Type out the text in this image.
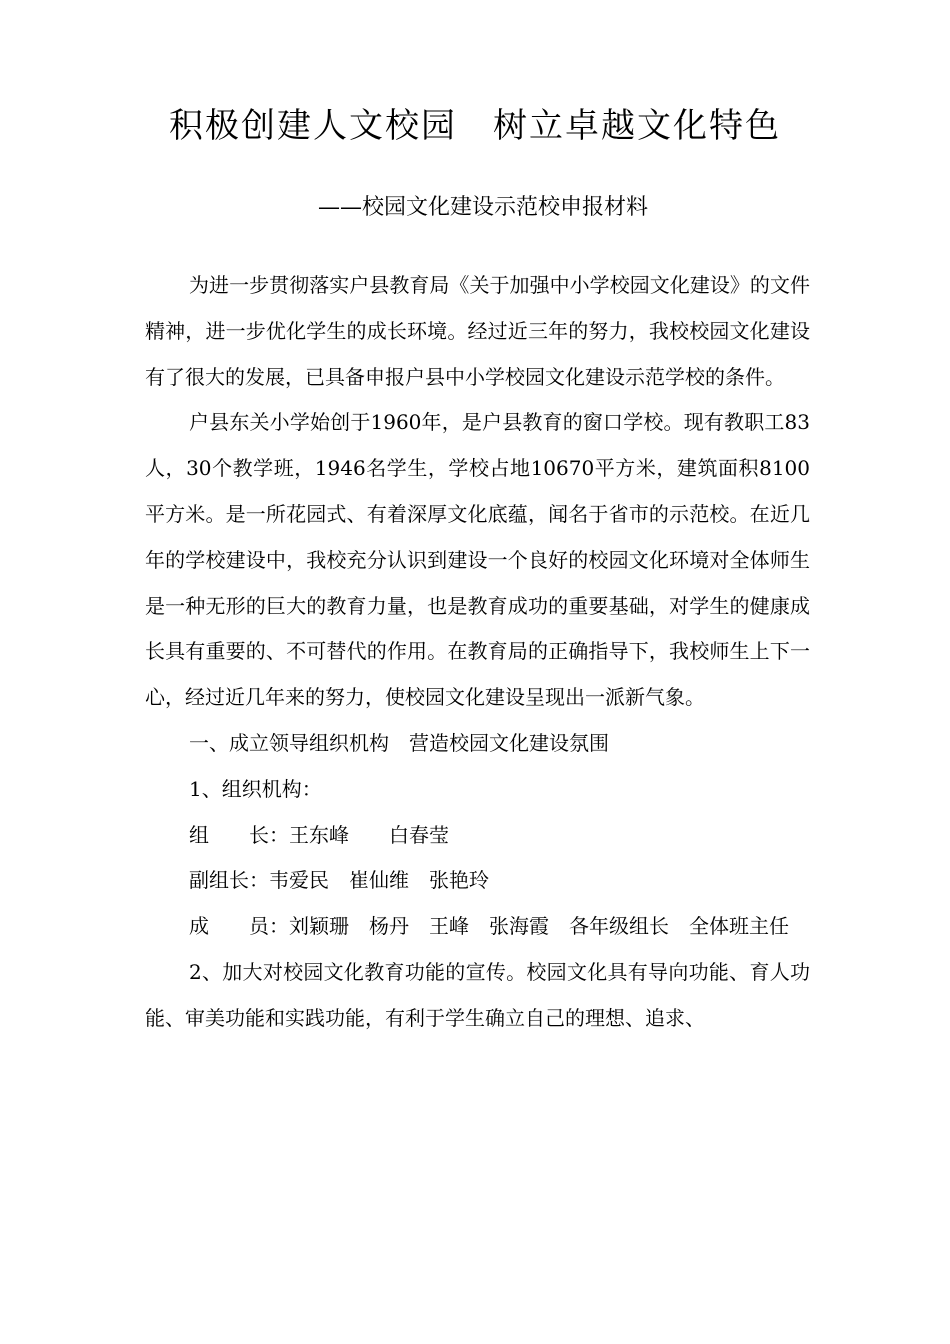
积极创建人文校园　树立卓越文化特色
——校园文化建设示范校申报材料

为进一步贯彻落实户县教育局《关于加强中小学校园文化建设》的文件精神，进一步优化学生的成长环境。经过近三年的努力，我校校园文化建设有了很大的发展，已具备申报户县中小学校园文化建设示范学校的条件。

户县东关小学始创于1960年，是户县教育的窗口学校。现有教职工83人，30个教学班，1946名学生，学校占地10670平方米，建筑面积8100平方米。是一所花园式、有着深厚文化底蕴，闻名于省市的示范校。在近几年的学校建设中，我校充分认识到建设一个良好的校园文化环境对全体师生是一种无形的巨大的教育力量，也是教育成功的重要基础，对学生的健康成长具有重要的、不可替代的作用。在教育局的正确指导下，我校师生上下一心，经过近几年来的努力，使校园文化建设呈现出一派新气象。

一、成立领导组织机构　营造校园文化建设氛围

1、组织机构：

组　　长：王东峰　　白春莹

副组长：韦爱民　崔仙维　张艳玲

成　　员：刘颖珊　杨丹　王峰　张海霞　各年级组长　全体班主任

2、加大对校园文化教育功能的宣传。校园文化具有导向功能、育人功能、审美功能和实践功能，有利于学生确立自己的理想、追求、
